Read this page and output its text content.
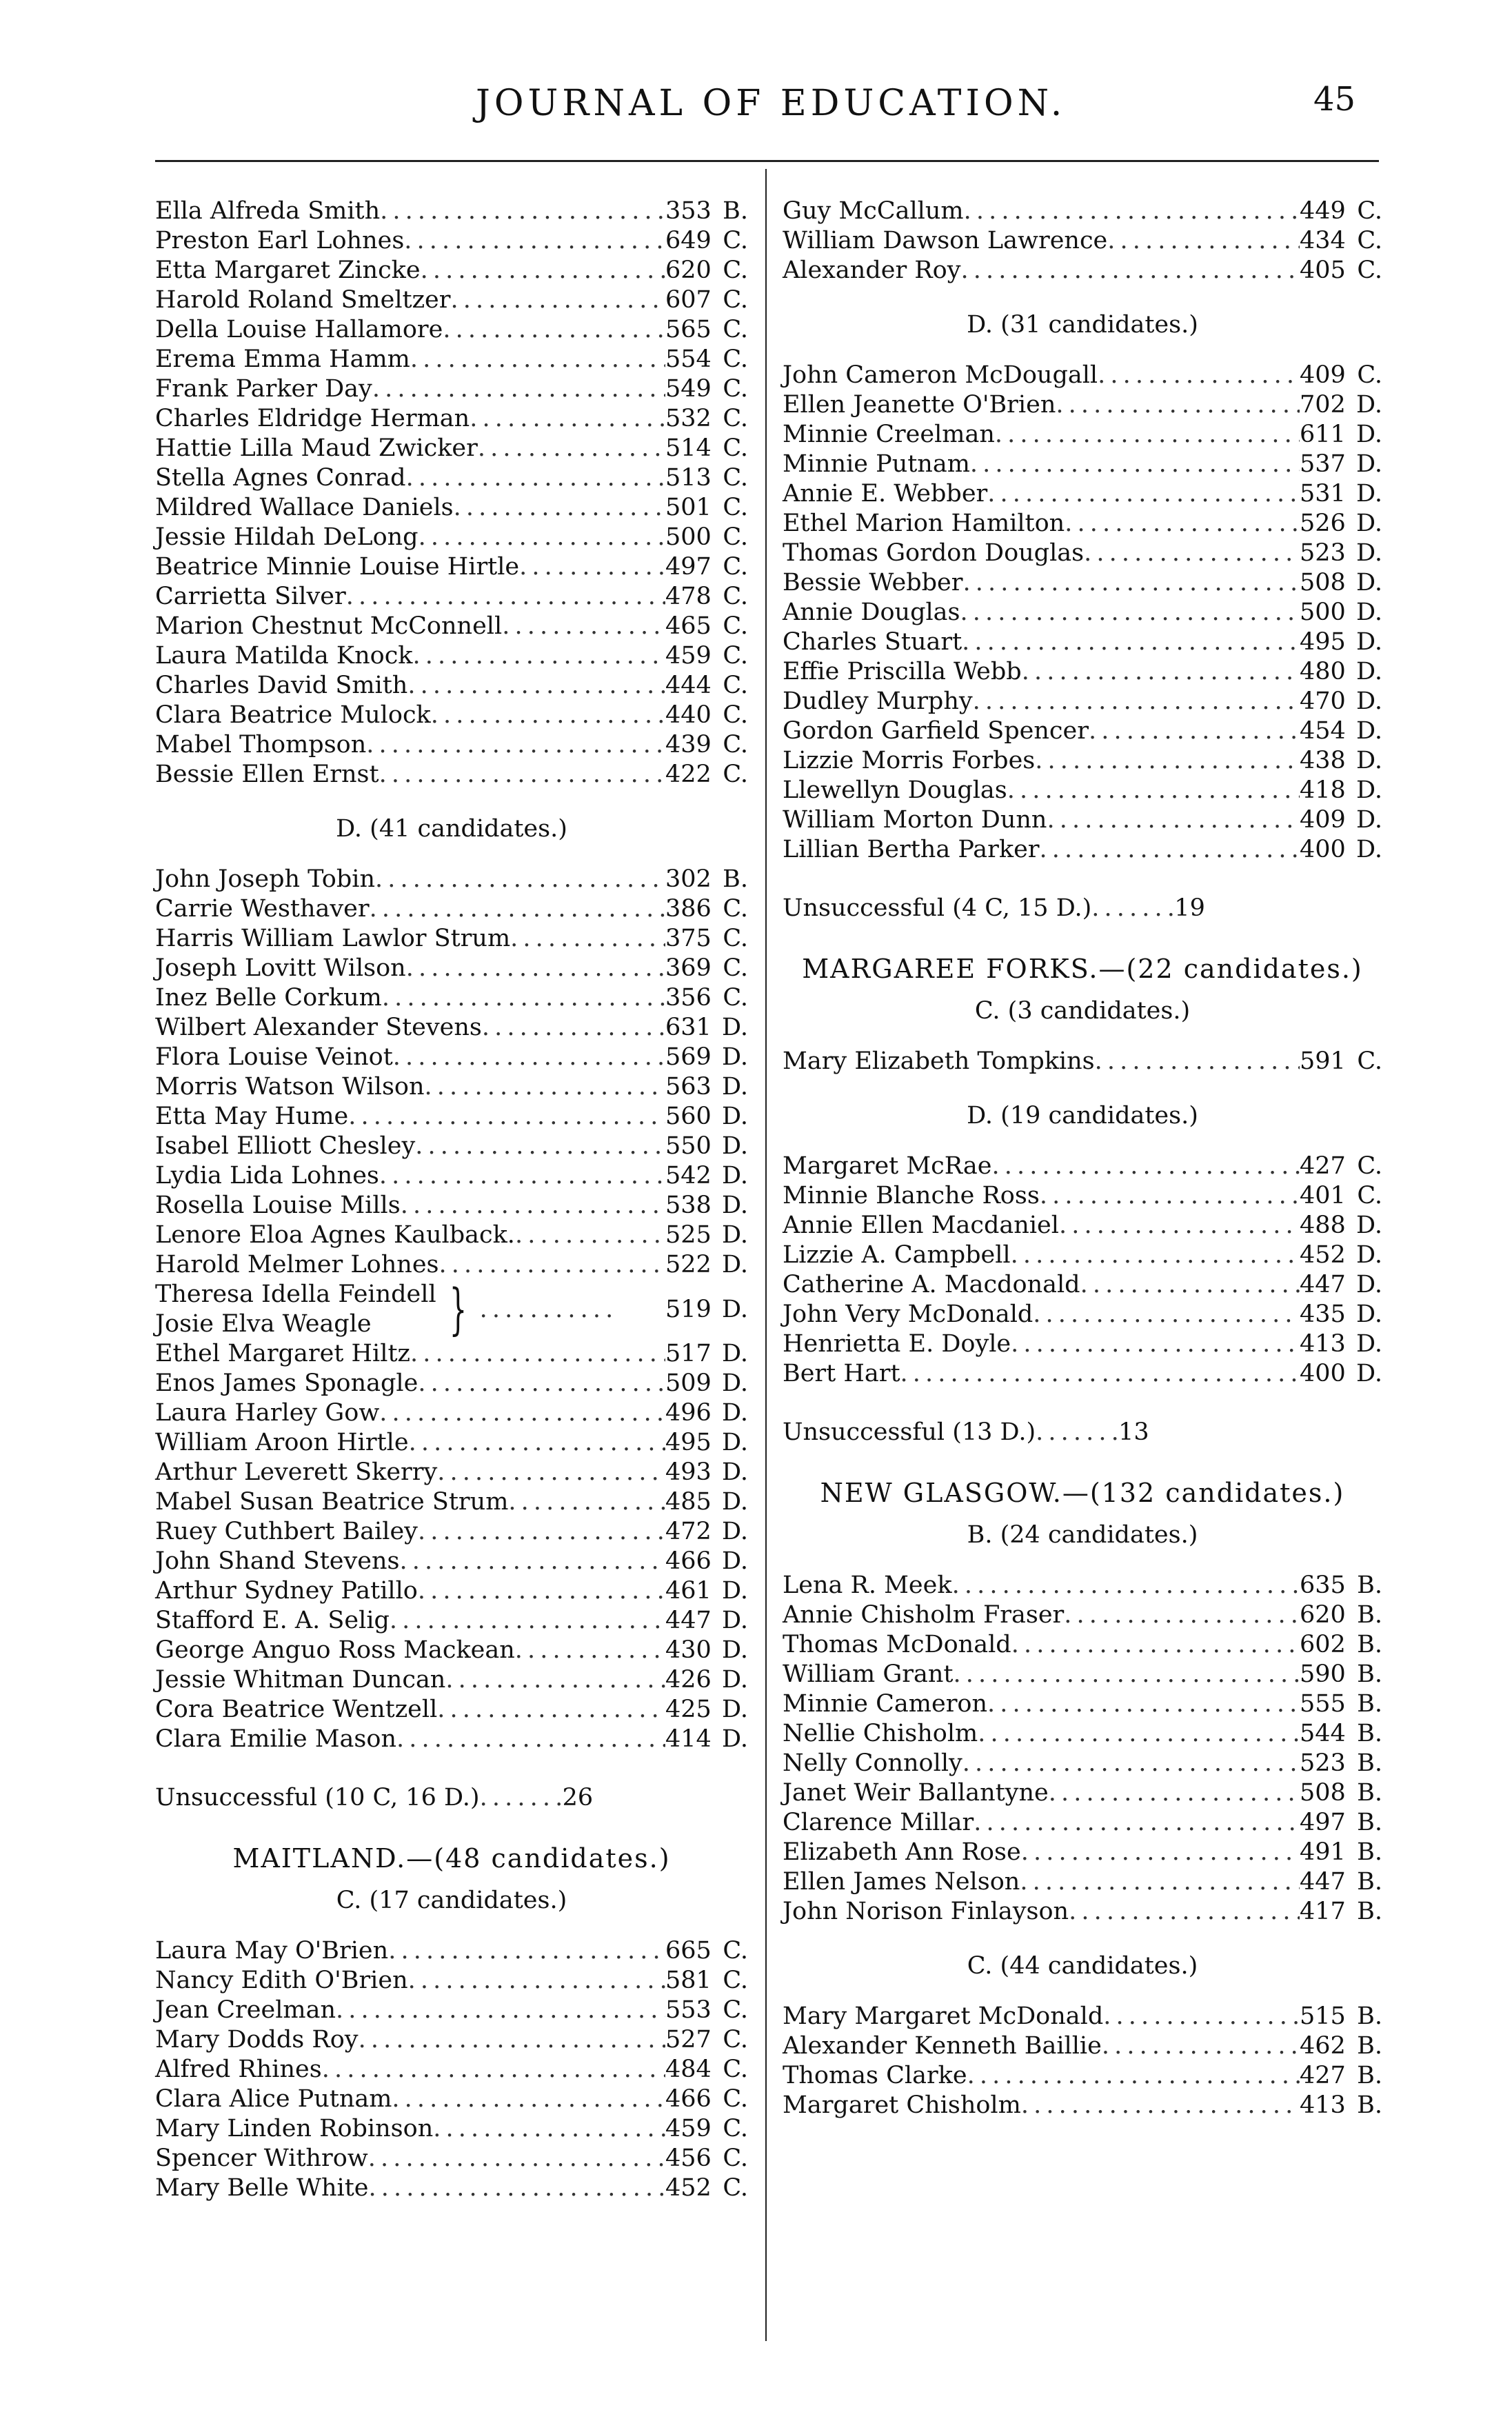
JOURNAL OF EDUCATION.	45
Ella Alfreda Smith . . .	353 B.
Preston Earl Lohnes . . .	649 C.
Etta Margaret Zincke . . .	620 C.
Harold Roland Smeltzer . . .	607 C.
Della Louise Hallamore . . .	565 C.
Erema Emma Hamm . . .	554 C.
Frank Parker Day . . .	549 C.
Charles Eldridge Herman . . .	532 C.
Hattie Lilla Maud Zwicker . . .	514 C.
Stella Agnes Conrad . . .	513 C.
Mildred Wallace Daniels . . .	501 C.
Jessie Hildah DeLong . . .	500 C.
Beatrice Minnie Louise Hirtle . . .	497 C.
Carrietta Silver . . .	478 C.
Marion Chestnut McConnell . . .	465 C.
Laura Matilda Knock . . .	459 C.
Charles David Smith . . .	444 C.
Clara Beatrice Mulock . . .	440 C.
Mabel Thompson . . .	439 C.
Bessie Ellen Ernst . . .	422 C.
D. (41 candidates.)
John Joseph Tobin . . .	302 B.
Carrie Westhaver . . .	386 C.
Harris William Lawlor Strum . . .	375 C.
Joseph Lovitt Wilson . . .	369 C.
Inez Belle Corkum . . .	356 C.
Wilbert Alexander Stevens . . .	631 D.
Flora Louise Veinot . . .	569 D.
Morris Watson Wilson . . .	563 D.
Etta May Hume . . .	560 D.
Isabel Elliott Chesley . . .	550 D.
Lydia Lida Lohnes . . .	542 D.
Rosella Louise Mills . . .	538 D.
Lenore Eloa Agnes Kaulback. . . .	525 D.
Harold Melmer Lohnes . . .	522 D.
Theresa Idella Feindell
Josie Elva Weagle } . . .	519 D.
Ethel Margaret Hiltz . . .	517 D.
Enos James Sponagle . . .	509 D.
Laura Harley Gow . . .	496 D.
William Aroon Hirtle . . .	495 D.
Arthur Leverett Skerry . . .	493 D.
Mabel Susan Beatrice Strum . . .	485 D.
Ruey Cuthbert Bailey . . .	472 D.
John Shand Stevens . . .	466 D.
Arthur Sydney Patillo . . .	461 D.
Stafford E. A. Selig . . .	447 D.
George Anguo Ross Mackean . . .	430 D.
Jessie Whitman Duncan . . .	426 D.
Cora Beatrice Wentzell . . .	425 D.
Clara Emilie Mason . . .	414 D.
Unsuccessful (10 C, 16 D.) . . .	26
MAITLAND.—(48 candidates.)
C. (17 candidates.)
Laura May O'Brien . . .	665 C.
Nancy Edith O'Brien . . .	581 C.
Jean Creelman . . .	553 C.
Mary Dodds Roy . . .	527 C.
Alfred Rhines . . .	484 C.
Clara Alice Putnam . . .	466 C.
Mary Linden Robinson . . .	459 C.
Spencer Withrow . . .	456 C.
Mary Belle White . . .	452 C.
Guy McCallum . . .	449 C.
William Dawson Lawrence . . .	434 C.
Alexander Roy . . .	405 C.
D. (31 candidates.)
John Cameron McDougall . . .	409 C.
Ellen Jeanette O'Brien . . .	702 D.
Minnie Creelman . . .	611 D.
Minnie Putnam . . .	537 D.
Annie E. Webber . . .	531 D.
Ethel Marion Hamilton . . .	526 D.
Thomas Gordon Douglas . . .	523 D.
Bessie Webber . . .	508 D.
Annie Douglas . . .	500 D.
Charles Stuart . . .	495 D.
Effie Priscilla Webb . . .	480 D.
Dudley Murphy . . .	470 D.
Gordon Garfield Spencer . . .	454 D.
Lizzie Morris Forbes . . .	438 D.
Llewellyn Douglas . . .	418 D.
William Morton Dunn . . .	409 D.
Lillian Bertha Parker . . .	400 D.
Unsuccessful (4 C, 15 D.) . . .	19
MARGAREE FORKS.—(22 candidates.)
C. (3 candidates.)
Mary Elizabeth Tompkins . . .	591 C.
D. (19 candidates.)
Margaret McRae . . .	427 C.
Minnie Blanche Ross . . .	401 C.
Annie Ellen Macdaniel . . .	488 D.
Lizzie A. Campbell . . .	452 D.
Catherine A. Macdonald . . .	447 D.
John Very McDonald . . .	435 D.
Henrietta E. Doyle . . .	413 D.
Bert Hart . . .	400 D.
Unsuccessful (13 D.) . . .	13
NEW GLASGOW.—(132 candidates.)
B. (24 candidates.)
Lena R. Meek . . .	635 B.
Annie Chisholm Fraser . . .	620 B.
Thomas McDonald . . .	602 B.
William Grant . . .	590 B.
Minnie Cameron . . .	555 B.
Nellie Chisholm . . .	544 B.
Nelly Connolly . . .	523 B.
Janet Weir Ballantyne . . .	508 B.
Clarence Millar . . .	497 B.
Elizabeth Ann Rose . . .	491 B.
Ellen James Nelson . . .	447 B.
John Norison Finlayson . . .	417 B.
C. (44 candidates.)
Mary Margaret McDonald . . .	515 B.
Alexander Kenneth Baillie . . .	462 B.
Thomas Clarke . . .	427 B.
Margaret Chisholm . . .	413 B.
